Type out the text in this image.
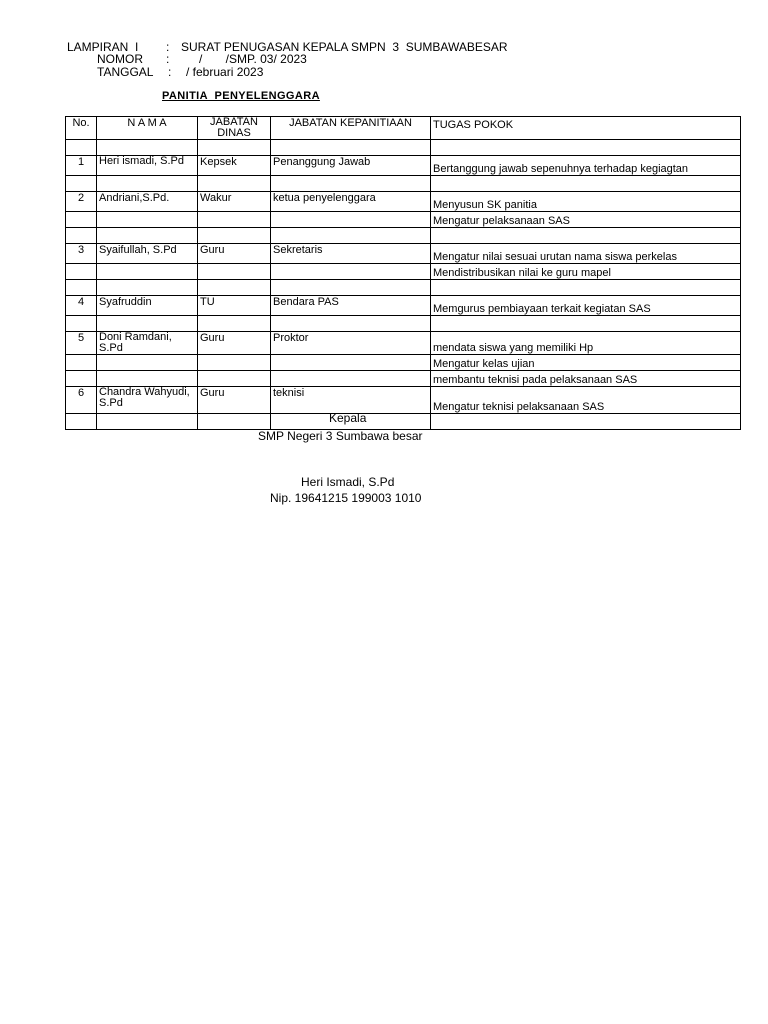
LAMPIRAN  I : SURAT PENUGASAN KEPALA SMPN  3  SUMBAWABESAR
NOMOR : /       /SMP. 03/ 2023
TANGGAL : / februari 2023
PANITIA  PENYELENGGARA
No.	N A M A	JABATAN DINAS	JABATAN KEPANITIAAN	TUGAS POKOK

1	Heri ismadi, S.Pd	Kepsek	Penanggung Jawab	Bertanggung jawab sepenuhnya terhadap kegiagtan

2	Andriani,S.Pd.	Wakur	ketua penyelenggara	Menyusun SK panitia
				Mengatur pelaksanaan SAS

3	Syaifullah, S.Pd	Guru	Sekretaris	Mengatur nilai sesuai urutan nama siswa perkelas
				Mendistribusikan nilai ke guru mapel

4	Syafruddin	TU	Bendara PAS	Memgurus pembiayaan terkait kegiatan SAS

5	Doni Ramdani, S.Pd	Guru	Proktor	mendata siswa yang memiliki Hp
				Mengatur kelas ujian
				membantu teknisi pada pelaksanaan SAS
6	Chandra Wahyudi, S.Pd	Guru	teknisi	Mengatur teknisi pelaksanaan SAS

Kepala
SMP Negeri 3 Sumbawa besar
Heri Ismadi, S.Pd
Nip. 19641215 199003 1010
